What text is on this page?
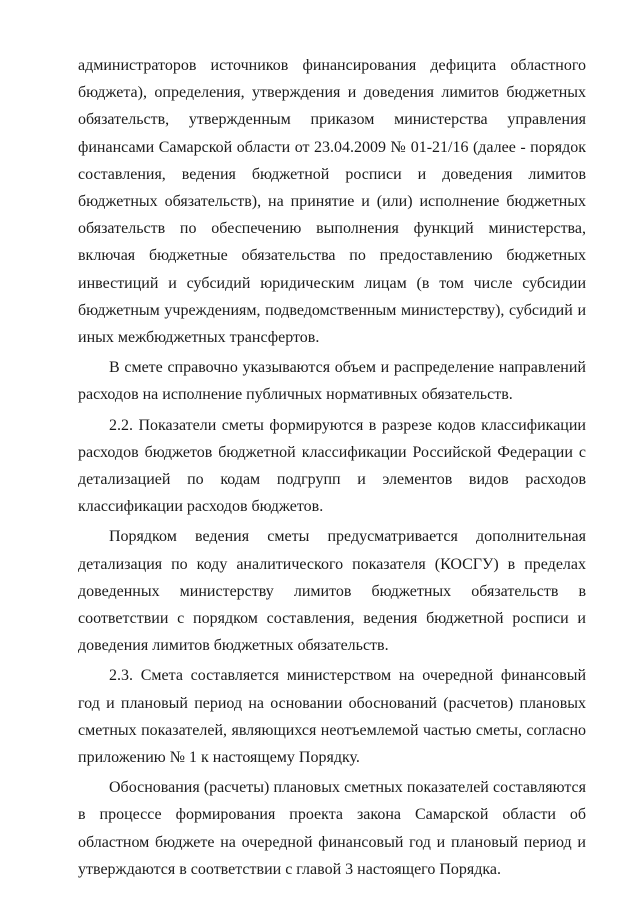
администраторов источников финансирования дефицита областного бюджета), определения, утверждения и доведения лимитов бюджетных обязательств, утвержденным приказом министерства управления финансами Самарской области от 23.04.2009 № 01-21/16 (далее - порядок составления, ведения бюджетной росписи и доведения лимитов бюджетных обязательств), на принятие и (или) исполнение бюджетных обязательств по обеспечению выполнения функций министерства, включая бюджетные обязательства по предоставлению бюджетных инвестиций и субсидий юридическим лицам (в том числе субсидии бюджетным учреждениям, подведомственным министерству), субсидий и иных межбюджетных трансфертов.

В смете справочно указываются объем и распределение направлений расходов на исполнение публичных нормативных обязательств.

2.2. Показатели сметы формируются в разрезе кодов классификации расходов бюджетов бюджетной классификации Российской Федерации с детализацией по кодам подгрупп и элементов видов расходов классификации расходов бюджетов.

Порядком ведения сметы предусматривается дополнительная детализация по коду аналитического показателя (КОСГУ) в пределах доведенных министерству лимитов бюджетных обязательств в соответствии с порядком составления, ведения бюджетной росписи и доведения лимитов бюджетных обязательств.

2.3. Смета составляется министерством на очередной финансовый год и плановый период на основании обоснований (расчетов) плановых сметных показателей, являющихся неотъемлемой частью сметы, согласно приложению № 1 к настоящему Порядку.

Обоснования (расчеты) плановых сметных показателей составляются в процессе формирования проекта закона Самарской области об областном бюджете на очередной финансовый год и плановый период и утверждаются в соответствии с главой 3 настоящего Порядка.
